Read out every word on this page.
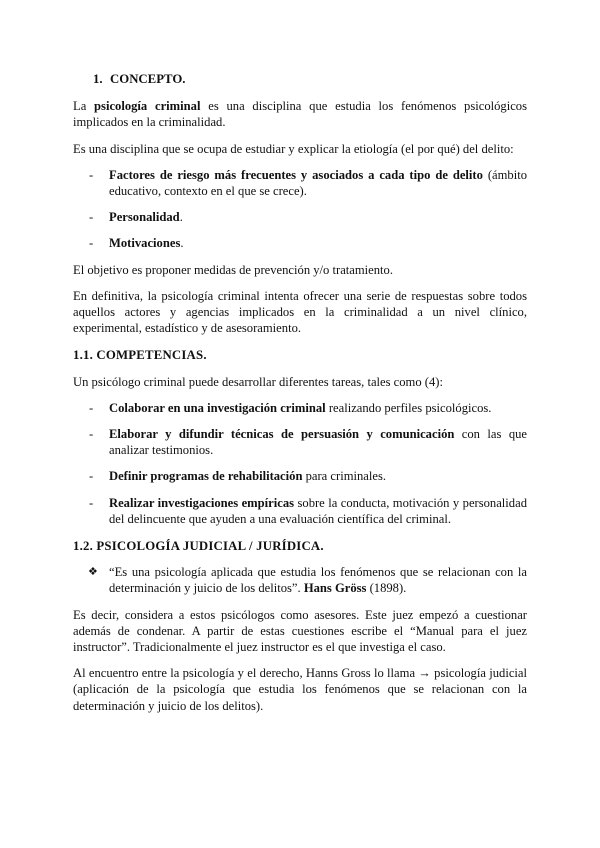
1. CONCEPTO.

La psicología criminal es una disciplina que estudia los fenómenos psicológicos implicados en la criminalidad.

Es una disciplina que se ocupa de estudiar y explicar la etiología (el por qué) del delito:

- Factores de riesgo más frecuentes y asociados a cada tipo de delito (ámbito educativo, contexto en el que se crece).

- Personalidad.

- Motivaciones.

El objetivo es proponer medidas de prevención y/o tratamiento.

En definitiva, la psicología criminal intenta ofrecer una serie de respuestas sobre todos aquellos actores y agencias implicados en la criminalidad a un nivel clínico, experimental, estadístico y de asesoramiento.

1.1. COMPETENCIAS.

Un psicólogo criminal puede desarrollar diferentes tareas, tales como (4):

- Colaborar en una investigación criminal realizando perfiles psicológicos.

- Elaborar y difundir técnicas de persuasión y comunicación con las que analizar testimonios.

- Definir programas de rehabilitación para criminales.

- Realizar investigaciones empíricas sobre la conducta, motivación y personalidad del delincuente que ayuden a una evaluación científica del criminal.

1.2. PSICOLOGÍA JUDICIAL / JURÍDICA.

❖ “Es una psicología aplicada que estudia los fenómenos que se relacionan con la determinación y juicio de los delitos”. Hans Gröss (1898).

Es decir, considera a estos psicólogos como asesores. Este juez empezó a cuestionar además de condenar. A partir de estas cuestiones escribe el “Manual para el juez instructor”. Tradicionalmente el juez instructor es el que investiga el caso.

Al encuentro entre la psicología y el derecho, Hanns Gross lo llama → psicología judicial (aplicación de la psicología que estudia los fenómenos que se relacionan con la determinación y juicio de los delitos).
